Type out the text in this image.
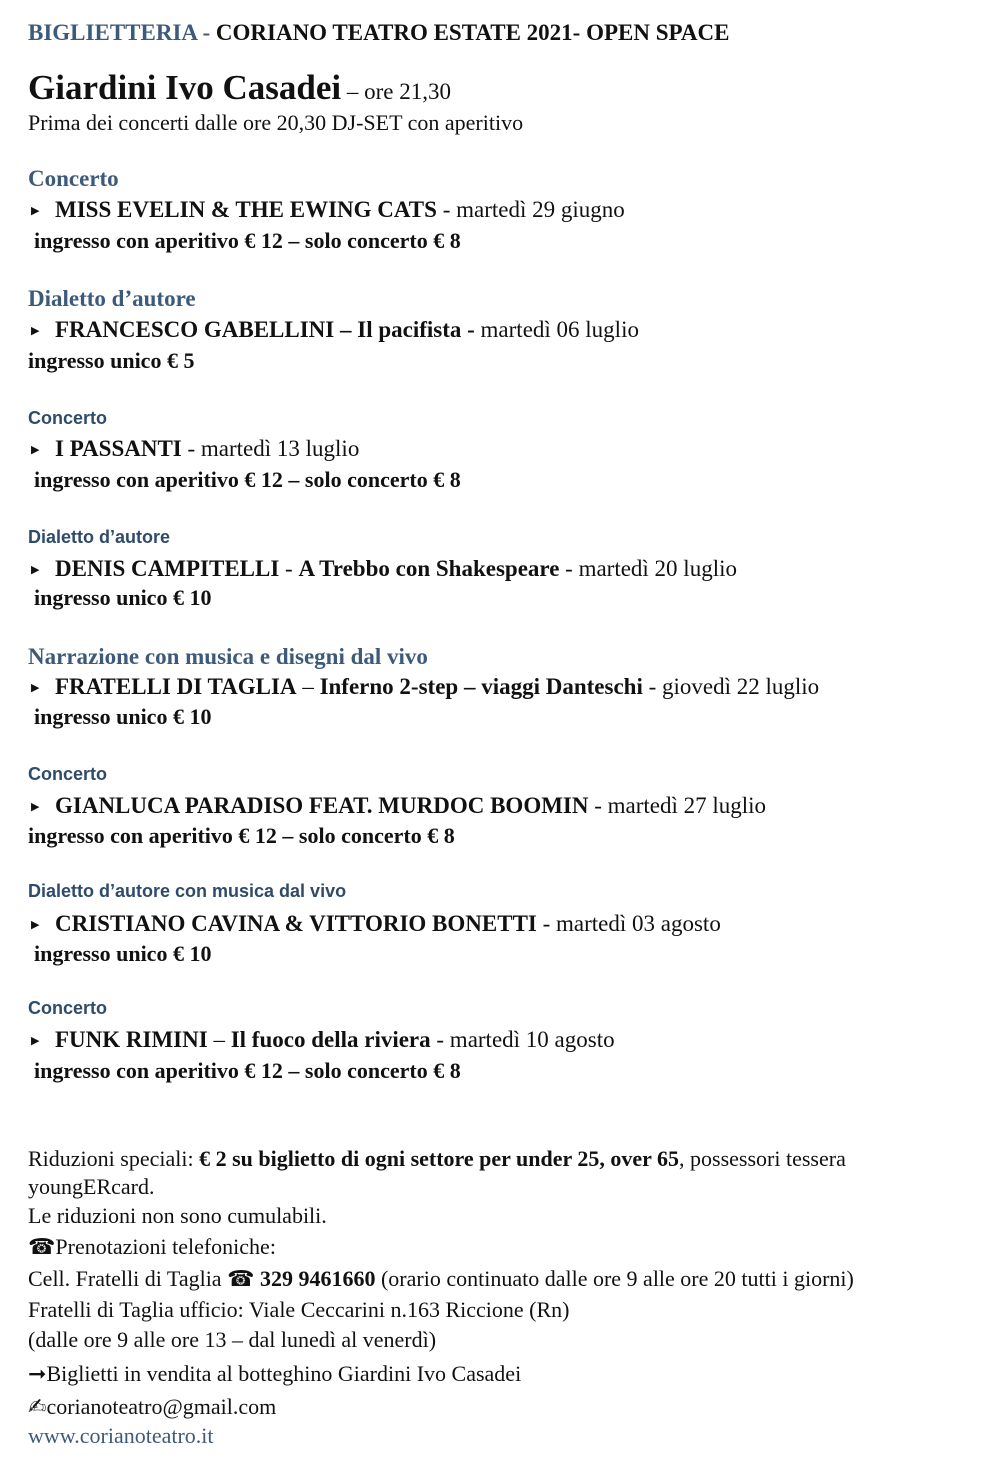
BIGLIETTERIA - CORIANO TEATRO ESTATE 2021- OPEN SPACE
Giardini Ivo Casadei – ore 21,30
Prima dei concerti dalle ore 20,30 DJ-SET con aperitivo
Concerto
▶ MISS EVELIN & THE EWING CATS - martedì 29 giugno
ingresso con aperitivo € 12 – solo concerto € 8
Dialetto d’autore
▶ FRANCESCO GABELLINI – Il pacifista - martedì 06 luglio
ingresso unico € 5
Concerto
▶ I PASSANTI - martedì 13 luglio
ingresso con aperitivo € 12 – solo concerto € 8
Dialetto d’autore
▶ DENIS CAMPITELLI - A Trebbo con Shakespeare - martedì 20 luglio
ingresso unico € 10
Narrazione con musica e disegni dal vivo
▶ FRATELLI DI TAGLIA – Inferno 2-step – viaggi Danteschi - giovedì 22 luglio
ingresso unico € 10
Concerto
▶ GIANLUCA PARADISO FEAT. MURDOC BOOMIN - martedì 27 luglio
ingresso con aperitivo € 12 – solo concerto € 8
Dialetto d’autore con musica dal vivo
▶ CRISTIANO CAVINA & VITTORIO BONETTI - martedì 03 agosto
ingresso unico € 10
Concerto
▶ FUNK RIMINI – Il fuoco della riviera - martedì 10 agosto
ingresso con aperitivo € 12 – solo concerto € 8
Riduzioni speciali: € 2 su biglietto di ogni settore per under 25, over 65, possessori tessera
youngERcard.
Le riduzioni non sono cumulabili.
☎Prenotazioni telefoniche:
Cell. Fratelli di Taglia ☎ 329 9461660 (orario continuato dalle ore 9 alle ore 20 tutti i giorni)
Fratelli di Taglia ufficio: Viale Ceccarini n.163 Riccione (Rn)
(dalle ore 9 alle ore 13 – dal lunedì al venerdì)
➞Biglietti in vendita al botteghino Giardini Ivo Casadei
✍corianoteatro@gmail.com
www.corianoteatro.it
